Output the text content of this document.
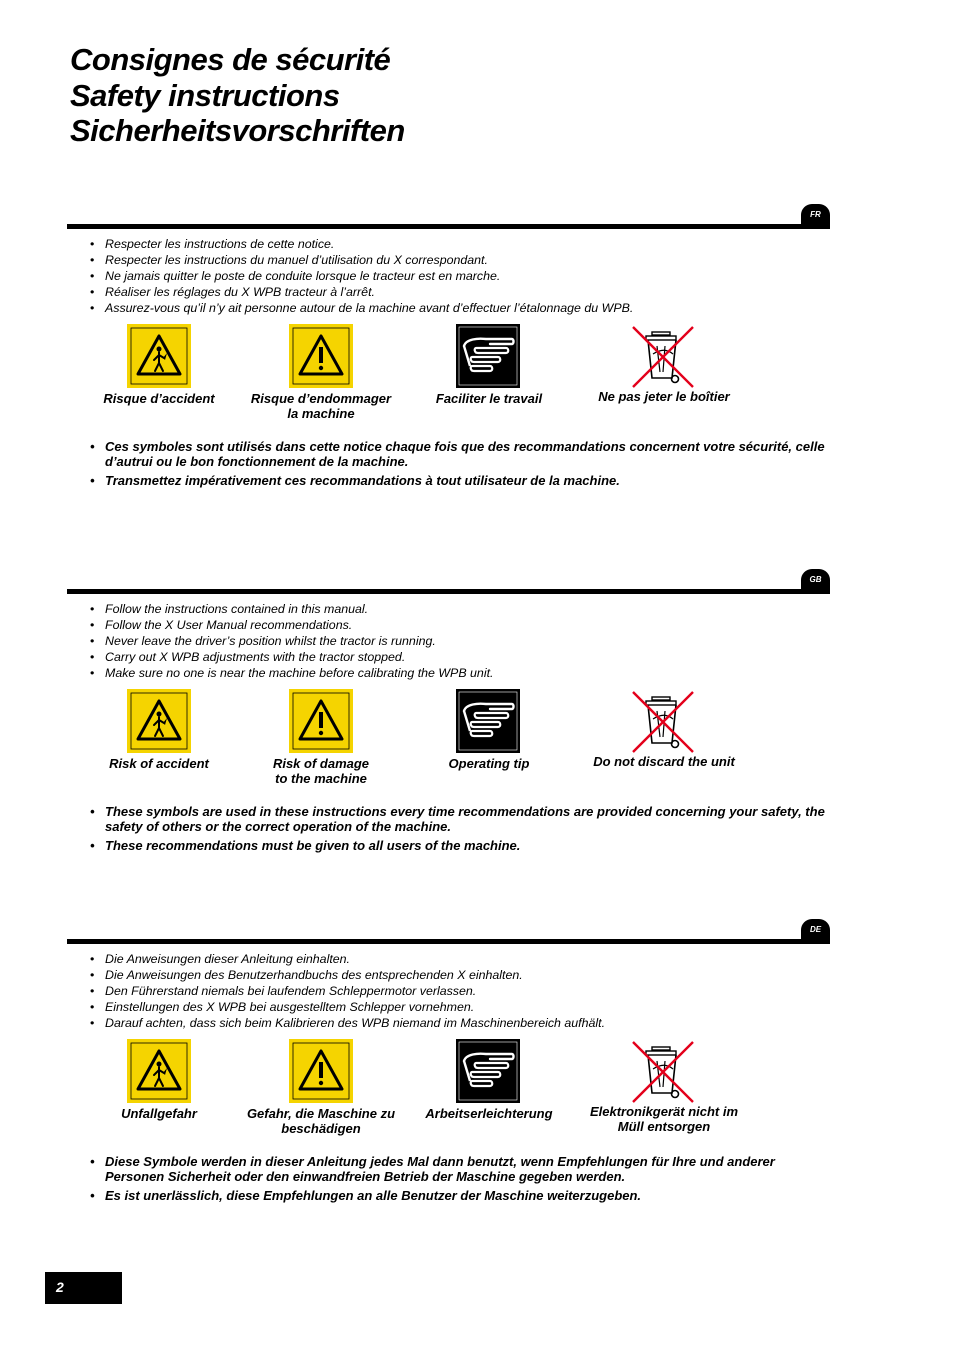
Consignes de sécurité
Safety instructions
Sicherheitsvorschriften
FR
• Respecter les instructions de cette notice.
• Respecter les instructions du manuel d’utilisation du X correspondant.
• Ne jamais quitter le poste de conduite lorsque le tracteur est en marche.
• Réaliser les réglages du X WPB tracteur à l’arrêt.
• Assurez-vous qu’il n’y ait personne autour de la machine avant d’effectuer l’étalonnage du WPB.
Risque d’accident	Risque d’endommager
la machine
Faciliter le travail	Ne pas jeter le boîtier
• Ces symboles sont utilisés dans cette notice chaque fois que des recommandations concernent votre sécurité, celle d’autrui ou le bon fonctionnement de la machine.
• Transmettez impérativement ces recommandations à tout utilisateur de la machine.
GB
• Follow the instructions contained in this manual.
• Follow the X User Manual recommendations.
• Never leave the driver’s position whilst the tractor is running.
• Carry out X WPB adjustments with the tractor stopped.
• Make sure no one is near the machine before calibrating the WPB unit.
Risk of accident	Risk of damage
to the machine
Operating tip	Do not discard the unit
• These symbols are used in these instructions every time recommendations are provided concerning your safety, the safety of others or the correct operation of the machine.
• These recommendations must be given to all users of the machine.
DE
• Die Anweisungen dieser Anleitung einhalten.
• Die Anweisungen des Benutzerhandbuchs des entsprechenden X einhalten.
• Den Führerstand niemals bei laufendem Schleppermotor verlassen.
• Einstellungen des X WPB bei ausgestelltem Schlepper vornehmen.
• Darauf achten, dass sich beim Kalibrieren des WPB niemand im Maschinenbereich aufhält.
Unfallgefahr	Gefahr, die Maschine zu
beschädigen
Arbeitserleichterung	Elektronikgerät nicht im
Müll entsorgen
• Diese Symbole werden in dieser Anleitung jedes Mal dann benutzt, wenn Empfehlungen für Ihre und anderer Personen Sicherheit oder den einwandfreien Betrieb der Maschine gegeben werden.
• Es ist unerlässlich, diese Empfehlungen an alle Benutzer der Maschine weiterzugeben.
2
